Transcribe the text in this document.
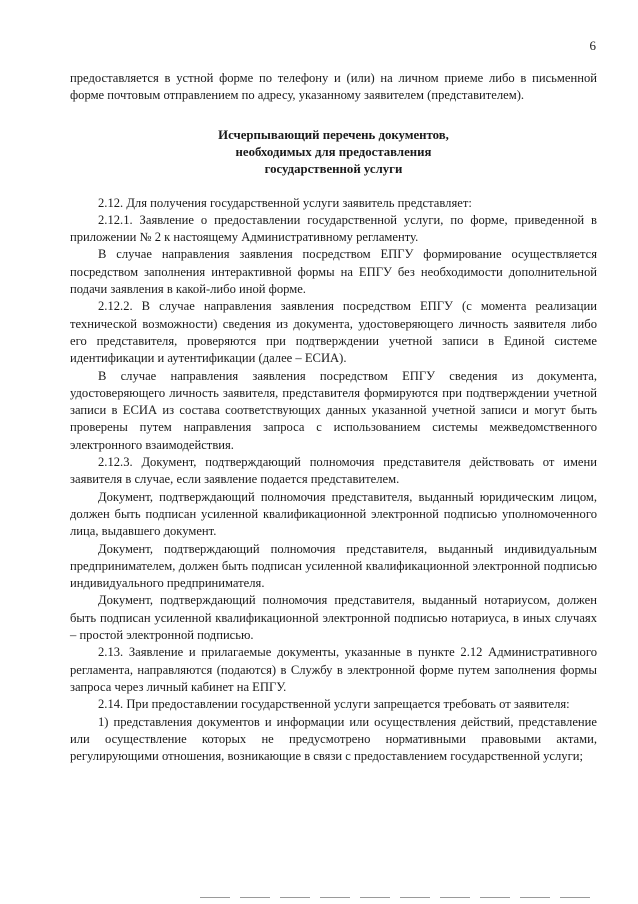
6

предоставляется в устной форме по телефону и (или) на личном приеме либо в письменной форме почтовым отправлением по адресу, указанному заявителем (представителем).

Исчерпывающий перечень документов,
необходимых для предоставления
государственной услуги

2.12. Для получения государственной услуги заявитель представляет:

2.12.1. Заявление о предоставлении государственной услуги, по форме, приведенной в приложении № 2 к настоящему Административному регламенту.

В случае направления заявления посредством ЕПГУ формирование осуществляется посредством заполнения интерактивной формы на ЕПГУ без необходимости дополнительной подачи заявления в какой-либо иной форме.

2.12.2. В случае направления заявления посредством ЕПГУ (с момента реализации технической возможности) сведения из документа, удостоверяющего личность заявителя либо его представителя, проверяются при подтверждении учетной записи в Единой системе идентификации и аутентификации (далее – ЕСИА).

В случае направления заявления посредством ЕПГУ сведения из документа, удостоверяющего личность заявителя, представителя формируются при подтверждении учетной записи в ЕСИА из состава соответствующих данных указанной учетной записи и могут быть проверены путем направления запроса с использованием системы межведомственного электронного взаимодействия.

2.12.3. Документ, подтверждающий полномочия представителя действовать от имени заявителя в случае, если заявление подается представителем.

Документ, подтверждающий полномочия представителя, выданный юридическим лицом, должен быть подписан усиленной квалификационной электронной подписью уполномоченного лица, выдавшего документ.

Документ, подтверждающий полномочия представителя, выданный индивидуальным предпринимателем, должен быть подписан усиленной квалификационной электронной подписью индивидуального предпринимателя.

Документ, подтверждающий полномочия представителя, выданный нотариусом, должен быть подписан усиленной квалификационной электронной подписью нотариуса, в иных случаях – простой электронной подписью.

2.13. Заявление и прилагаемые документы, указанные в пункте 2.12 Административного регламента, направляются (подаются) в Службу в электронной форме путем заполнения формы запроса через личный кабинет на ЕПГУ.

2.14. При предоставлении государственной услуги запрещается требовать от заявителя:

1) представления документов и информации или осуществления действий, представление или осуществление которых не предусмотрено нормативными правовыми актами, регулирующими отношения, возникающие в связи с предоставлением государственной услуги;
